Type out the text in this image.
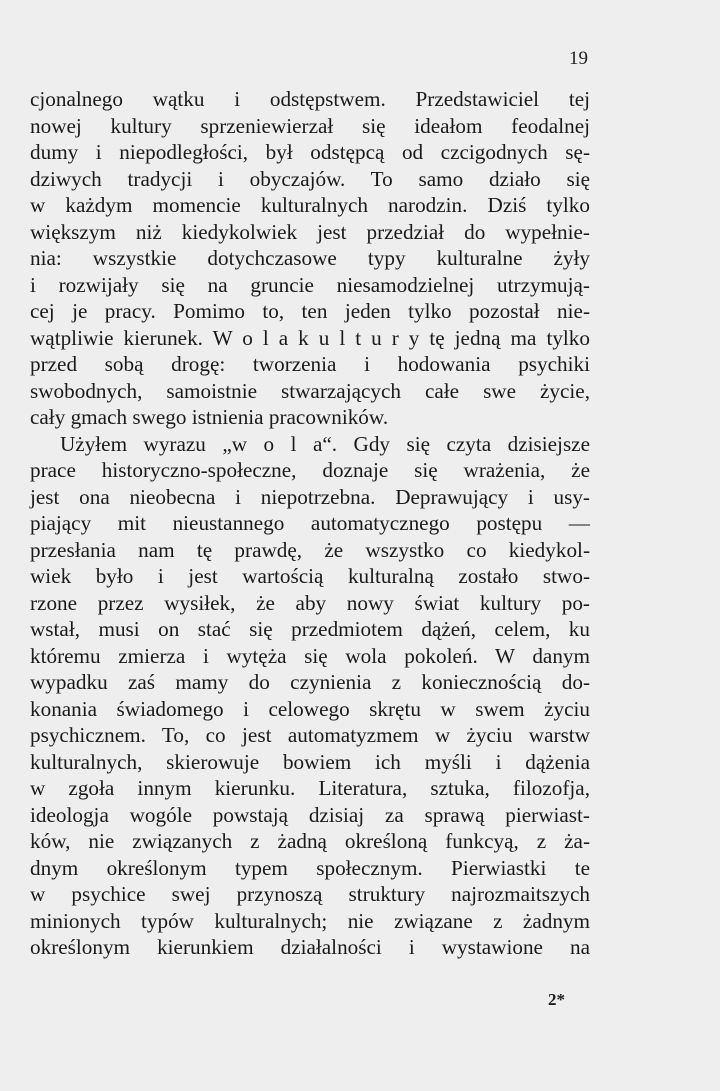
19
cjonalnego wątku i odstępstwem. Przedstawiciel tej
nowej kultury sprzeniewierzał się ideałom feodalnej
dumy i niepodległości, był odstępcą od czcigodnych sę-
dziwych tradycji i obyczajów. To samo działo się
w każdym momencie kulturalnych narodzin. Dziś tylko
większym niż kiedykolwiek jest przedział do wypełnie-
nia: wszystkie dotychczasowe typy kulturalne żyły
i rozwijały się na gruncie niesamodzielnej utrzymują-
cej je pracy. Pomimo to, ten jeden tylko pozostał nie-
wątpliwie kierunek. W o l a k u l t u r y tę jedną ma tylko
przed sobą drogę: tworzenia i hodowania psychiki
swobodnych, samoistnie stwarzających całe swe życie,
cały gmach swego istnienia pracowników.
Użyłem wyrazu „w o l a“. Gdy się czyta dzisiejsze
prace historyczno-społeczne, doznaje się wrażenia, że
jest ona nieobecna i niepotrzebna. Deprawujący i usy-
piający mit nieustannego automatycznego postępu —
przesłania nam tę prawdę, że wszystko co kiedykol-
wiek było i jest wartością kulturalną zostało stwo-
rzone przez wysiłek, że aby nowy świat kultury po-
wstał, musi on stać się przedmiotem dążeń, celem, ku
któremu zmierza i wytęża się wola pokoleń. W danym
wypadku zaś mamy do czynienia z koniecznością do-
konania świadomego i celowego skrętu w swem życiu
psychicznem. To, co jest automatyzmem w życiu warstw
kulturalnych, skierowuje bowiem ich myśli i dążenia
w zgoła innym kierunku. Literatura, sztuka, filozofja,
ideologja wogóle powstają dzisiaj za sprawą pierwiast-
ków, nie związanych z żadną określoną funkcyą, z ża-
dnym określonym typem społecznym. Pierwiastki te
w psychice swej przynoszą struktury najrozmaitszych
minionych typów kulturalnych; nie związane z żadnym
określonym kierunkiem działalności i wystawione na
2*
